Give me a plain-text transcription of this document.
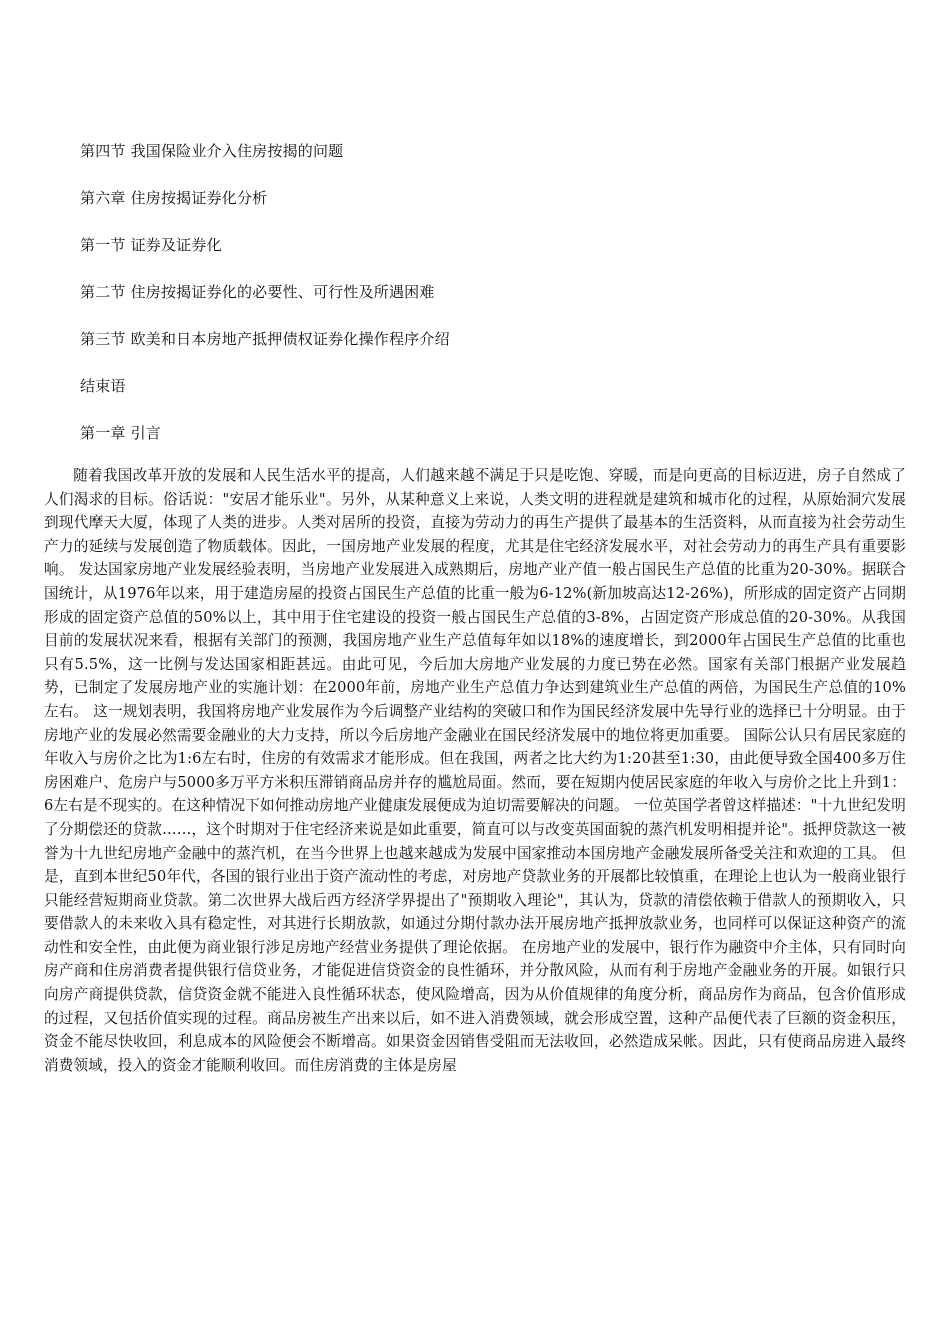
第四节 我国保险业介入住房按揭的问题
第六章 住房按揭证券化分析
第一节 证券及证券化
第二节 住房按揭证券化的必要性、可行性及所遇困难
第三节 欧美和日本房地产抵押债权证券化操作程序介绍
结束语
第一章 引言

随着我国改革开放的发展和人民生活水平的提高，人们越来越不满足于只是吃饱、穿暖，而是向更高的目标迈进，房子自然成了人们渴求的目标。俗话说："安居才能乐业"。另外，从某种意义上来说，人类文明的进程就是建筑和城市化的过程，从原始洞穴发展到现代摩天大厦，体现了人类的进步。人类对居所的投资，直接为劳动力的再生产提供了最基本的生活资料，从而直接为社会劳动生产力的延续与发展创造了物质载体。因此，一国房地产业发展的程度，尤其是住宅经济发展水平，对社会劳动力的再生产具有重要影响。 发达国家房地产业发展经验表明，当房地产业发展进入成熟期后，房地产业产值一般占国民生产总值的比重为20-30%。据联合国统计，从1976年以来，用于建造房屋的投资占国民生产总值的比重一般为6-12%(新加坡高达12-26%)，所形成的固定资产占同期形成的固定资产总值的50%以上，其中用于住宅建设的投资一般占国民生产总值的3-8%，占固定资产形成总值的20-30%。从我国目前的发展状况来看，根据有关部门的预测，我国房地产业生产总值每年如以18%的速度增长，到2000年占国民生产总值的比重也只有5.5%，这一比例与发达国家相距甚远。由此可见，今后加大房地产业发展的力度已势在必然。国家有关部门根据产业发展趋势，已制定了发展房地产业的实施计划：在2000年前，房地产业生产总值力争达到建筑业生产总值的两倍，为国民生产总值的10%左右。 这一规划表明，我国将房地产业发展作为今后调整产业结构的突破口和作为国民经济发展中先导行业的选择已十分明显。由于房地产业的发展必然需要金融业的大力支持，所以今后房地产金融业在国民经济发展中的地位将更加重要。 国际公认只有居民家庭的年收入与房价之比为1:6左右时，住房的有效需求才能形成。但在我国，两者之比大约为1:20甚至1:30，由此便导致全国400多万住房困难户、危房户与5000多万平方米积压滞销商品房并存的尴尬局面。然而，要在短期内使居民家庭的年收入与房价之比上升到1：6左右是不现实的。在这种情况下如何推动房地产业健康发展便成为迫切需要解决的问题。 一位英国学者曾这样描述："十九世纪发明了分期偿还的贷款……，这个时期对于住宅经济来说是如此重要，简直可以与改变英国面貌的蒸汽机发明相提并论"。抵押贷款这一被誉为十九世纪房地产金融中的蒸汽机，在当今世界上也越来越成为发展中国家推动本国房地产金融发展所备受关注和欢迎的工具。 但是，直到本世纪50年代，各国的银行业出于资产流动性的考虑，对房地产贷款业务的开展都比较慎重，在理论上也认为一般商业银行只能经营短期商业贷款。第二次世界大战后西方经济学界提出了"预期收入理论"，其认为，贷款的清偿依赖于借款人的预期收入，只要借款人的未来收入具有稳定性，对其进行长期放款，如通过分期付款办法开展房地产抵押放款业务，也同样可以保证这种资产的流动性和安全性，由此便为商业银行涉足房地产经营业务提供了理论依据。 在房地产业的发展中，银行作为融资中介主体，只有同时向房产商和住房消费者提供银行信贷业务，才能促进信贷资金的良性循环，并分散风险，从而有利于房地产金融业务的开展。如银行只向房产商提供贷款，信贷资金就不能进入良性循环状态，使风险增高，因为从价值规律的角度分析，商品房作为商品，包含价值形成的过程，又包括价值实现的过程。商品房被生产出来以后，如不进入消费领域，就会形成空置，这种产品便代表了巨额的资金积压，资金不能尽快收回，利息成本的风险便会不断增高。如果资金因销售受阻而无法收回，必然造成呆帐。因此，只有使商品房进入最终消费领域，投入的资金才能顺利收回。而住房消费的主体是房屋
